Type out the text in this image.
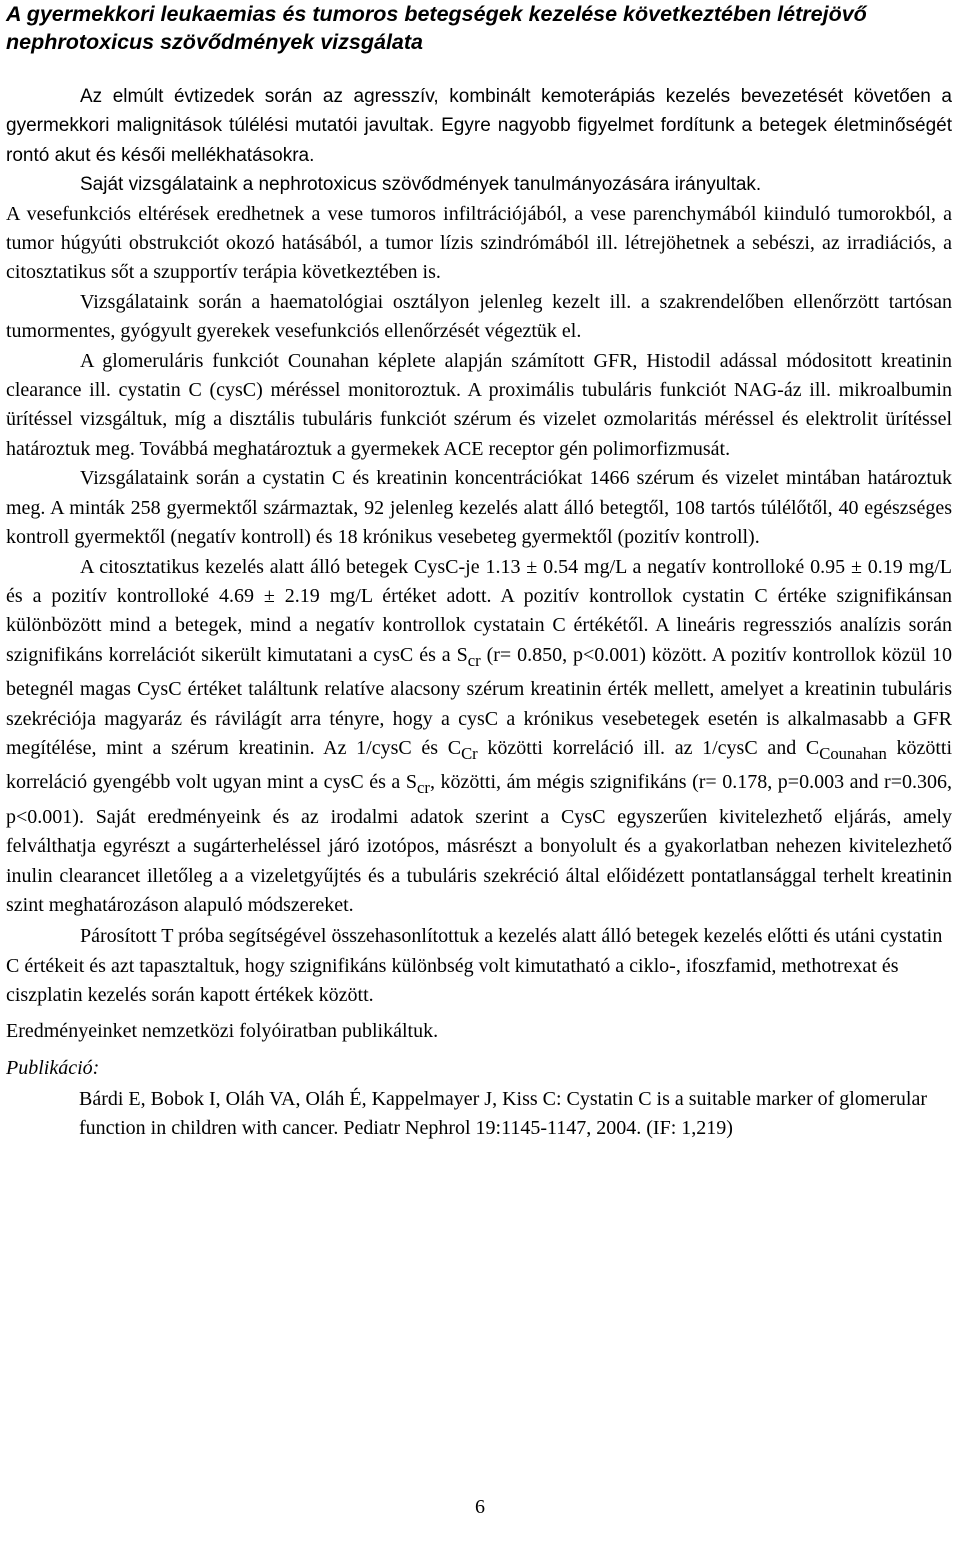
A gyermekkori leukaemias és tumoros betegségek kezelése következtében létrejövő nephrotoxicus szövődmények vizsgálata

Az elmúlt évtizedek során az agresszív, kombinált kemoterápiás kezelés bevezetését követően a gyermekkori malignitások túlélési mutatói javultak. Egyre nagyobb figyelmet fordítunk a betegek életminőségét rontó akut és késői mellékhatásokra.

Saját vizsgálataink a nephrotoxicus szövődmények tanulmányozására irányultak.

A vesefunkciós eltérések eredhetnek a vese tumoros infiltrációjából, a vese parenchymából kiinduló tumorokból, a tumor húgyúti obstrukciót okozó hatásából, a tumor lízis szindrómából ill. létrejöhetnek a sebészi, az irradiációs, a citosztatikus sőt a szupportív terápia következtében is.

Vizsgálataink során a haematológiai osztályon jelenleg kezelt ill. a szakrendelőben ellenőrzött tartósan tumormentes, gyógyult gyerekek vesefunkciós ellenőrzését végeztük el.

A glomeruláris funkciót Counahan képlete alapján számított GFR, Histodil adással módositott kreatinin clearance ill. cystatin C (cysC) méréssel monitoroztuk. A proximális tubuláris funkciót NAG-áz ill. mikroalbumin ürítéssel vizsgáltuk, míg a disztális tubuláris funkciót szérum és vizelet ozmolaritás méréssel és elektrolit ürítéssel határoztuk meg. Továbbá meghatároztuk a gyermekek ACE receptor gén polimorfizmusát.

Vizsgálataink során a cystatin C és kreatinin koncentrációkat 1466 szérum és vizelet mintában határoztuk meg. A minták 258 gyermektől származtak, 92 jelenleg kezelés alatt álló betegtől, 108 tartós túlélőtől, 40 egészséges kontroll gyermektől (negatív kontroll) és 18 krónikus vesebeteg gyermektől (pozitív kontroll).

A citosztatikus kezelés alatt álló betegek CysC-je 1.13 ± 0.54 mg/L a negatív kontrolloké 0.95 ± 0.19 mg/L és a pozitív kontrolloké 4.69 ± 2.19 mg/L értéket adott. A pozitív kontrollok cystatin C értéke szignifikánsan különbözött mind a betegek, mind a negatív kontrollok cystatain C értékétől. A lineáris regressziós analízis során szignifikáns korrelációt sikerült kimutatani a cysC és a $S_{cr}$ (r= 0.850, p<0.001) között. A pozitív kontrollok közül 10 betegnél magas CysC értéket találtunk relatíve alacsony szérum kreatinin érték mellett, amelyet a kreatinin tubuláris szekréciója magyaráz és rávilágít arra tényre, hogy a cysC a krónikus vesebetegek esetén is alkalmasabb a GFR megítélése, mint a szérum kreatinin. Az 1/cysC és $C_{Cr}$ közötti korreláció ill. az 1/cysC and $C_{Counahan}$ közötti korreláció gyengébb volt ugyan mint a cysC és a $S_{cr}$, közötti, ám mégis szignifikáns (r= 0.178, p=0.003 and r=0.306, p<0.001). Saját eredményeink és az irodalmi adatok szerint a CysC egyszerűen kivitelezhető eljárás, amely felválthatja egyrészt a sugárterheléssel járó izotópos, másrészt a bonyolult és a gyakorlatban nehezen kivitelezhető inulin clearancet illetőleg a a vizeletgyűjtés és a tubuláris szekréció által előidézett pontatlansággal terhelt kreatinin szint meghatározáson alapuló módszereket.

Párosított T próba segítségével összehasonlítottuk a kezelés alatt álló betegek kezelés előtti és utáni cystatin C értékeit és azt tapasztaltuk, hogy szignifikáns különbség volt kimutatható a ciklo-, ifoszfamid, methotrexat és ciszplatin kezelés során kapott értékek között.

Eredményeinket nemzetközi folyóiratban publikáltuk.

Publikáció:

Bárdi E, Bobok I, Oláh VA, Oláh É, Kappelmayer J, Kiss C: Cystatin C is a suitable marker of glomerular function in children with cancer. Pediatr Nephrol 19:1145-1147, 2004. (IF: 1,219)

6
